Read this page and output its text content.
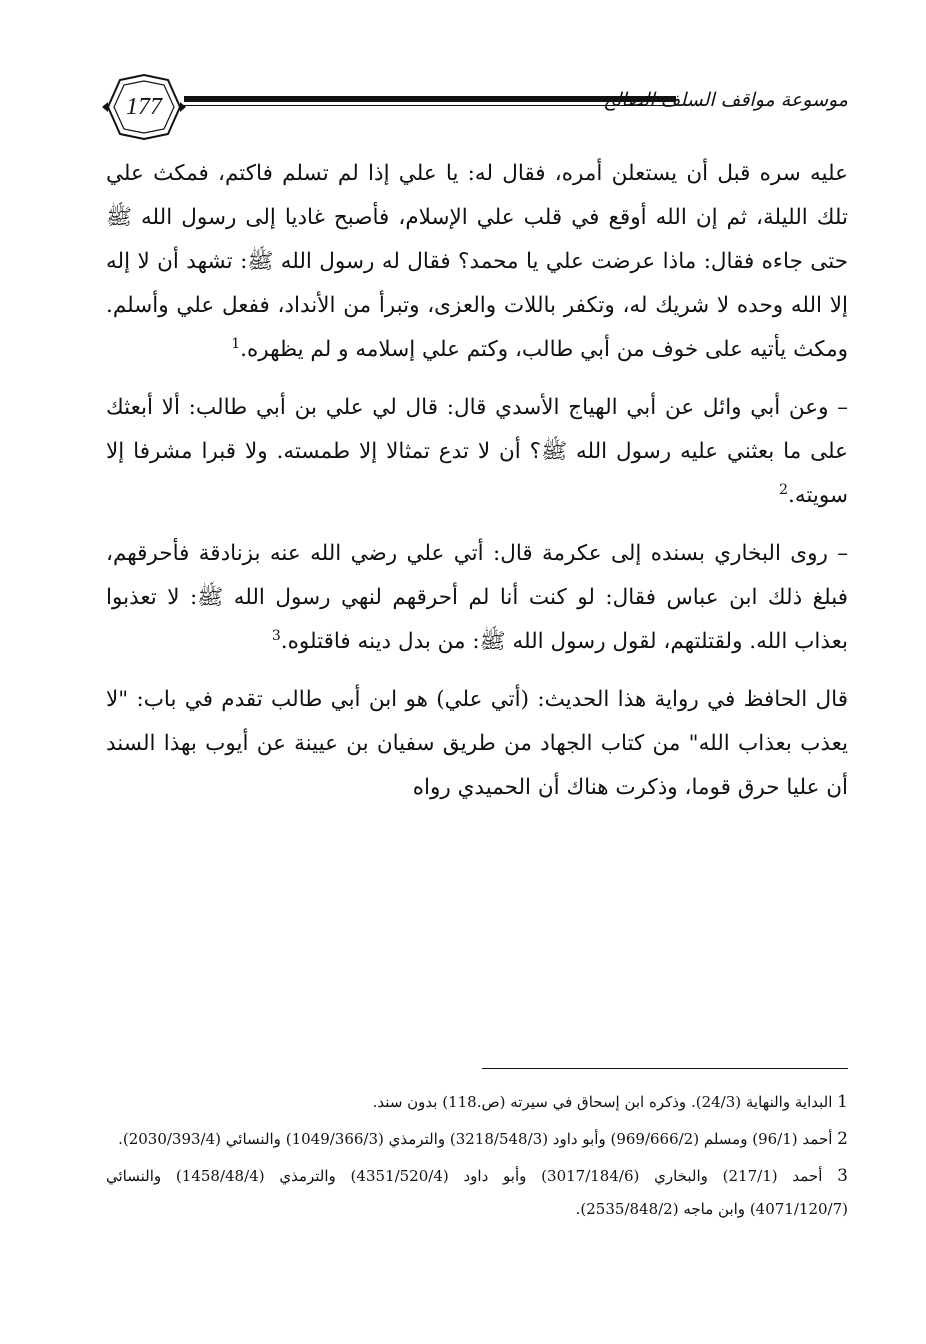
177	موسوعة مواقف السلف الصالح

عليه سره قبل أن يستعلن أمره، فقال له: يا علي إذا لم تسلم فاكتم، فمكث علي تلك الليلة، ثم إن الله أوقع في قلب علي الإسلام، فأصبح غاديا إلى رسول الله ﷺ حتى جاءه فقال: ماذا عرضت علي يا محمد؟ فقال له رسول الله ﷺ: تشهد أن لا إله إلا الله وحده لا شريك له، وتكفر باللات والعزى، وتبرأ من الأنداد، ففعل علي وأسلم. ومكث يأتيه على خوف من أبي طالب، وكتم علي إسلامه و لم يظهره.$^1$

– وعن أبي وائل عن أبي الهياج الأسدي قال: قال لي علي بن أبي طالب: ألا أبعثك على ما بعثني عليه رسول الله ﷺ؟ أن لا تدع تمثالا إلا طمسته. ولا قبرا مشرفا إلا سويته.$^2$

– روى البخاري بسنده إلى عكرمة قال: أتي علي رضي الله عنه بزنادقة فأحرقهم، فبلغ ذلك ابن عباس فقال: لو كنت أنا لم أحرقهم لنهي رسول الله ﷺ: لا تعذبوا بعذاب الله. ولقتلتهم، لقول رسول الله ﷺ: من بدل دينه فاقتلوه.$^3$

قال الحافظ في رواية هذا الحديث: (أتي علي) هو ابن أبي طالب تقدم في باب: "لا يعذب بعذاب الله" من كتاب الجهاد من طريق سفيان بن عيينة عن أيوب بهذا السند أن عليا حرق قوما، وذكرت هناك أن الحميدي رواه

1 البداية والنهاية (24/3). وذكره ابن إسحاق في سيرته (ص.118) بدون سند.

2 أحمد (96/1) ومسلم (969/666/2) وأبو داود (3218/548/3) والترمذي (1049/366/3) والنسائي (2030/393/4).

3 أحمد (217/1) والبخاري (3017/184/6) وأبو داود (4351/520/4) والترمذي (1458/48/4) والنسائي (4071/120/7) وابن ماجه (2535/848/2).
